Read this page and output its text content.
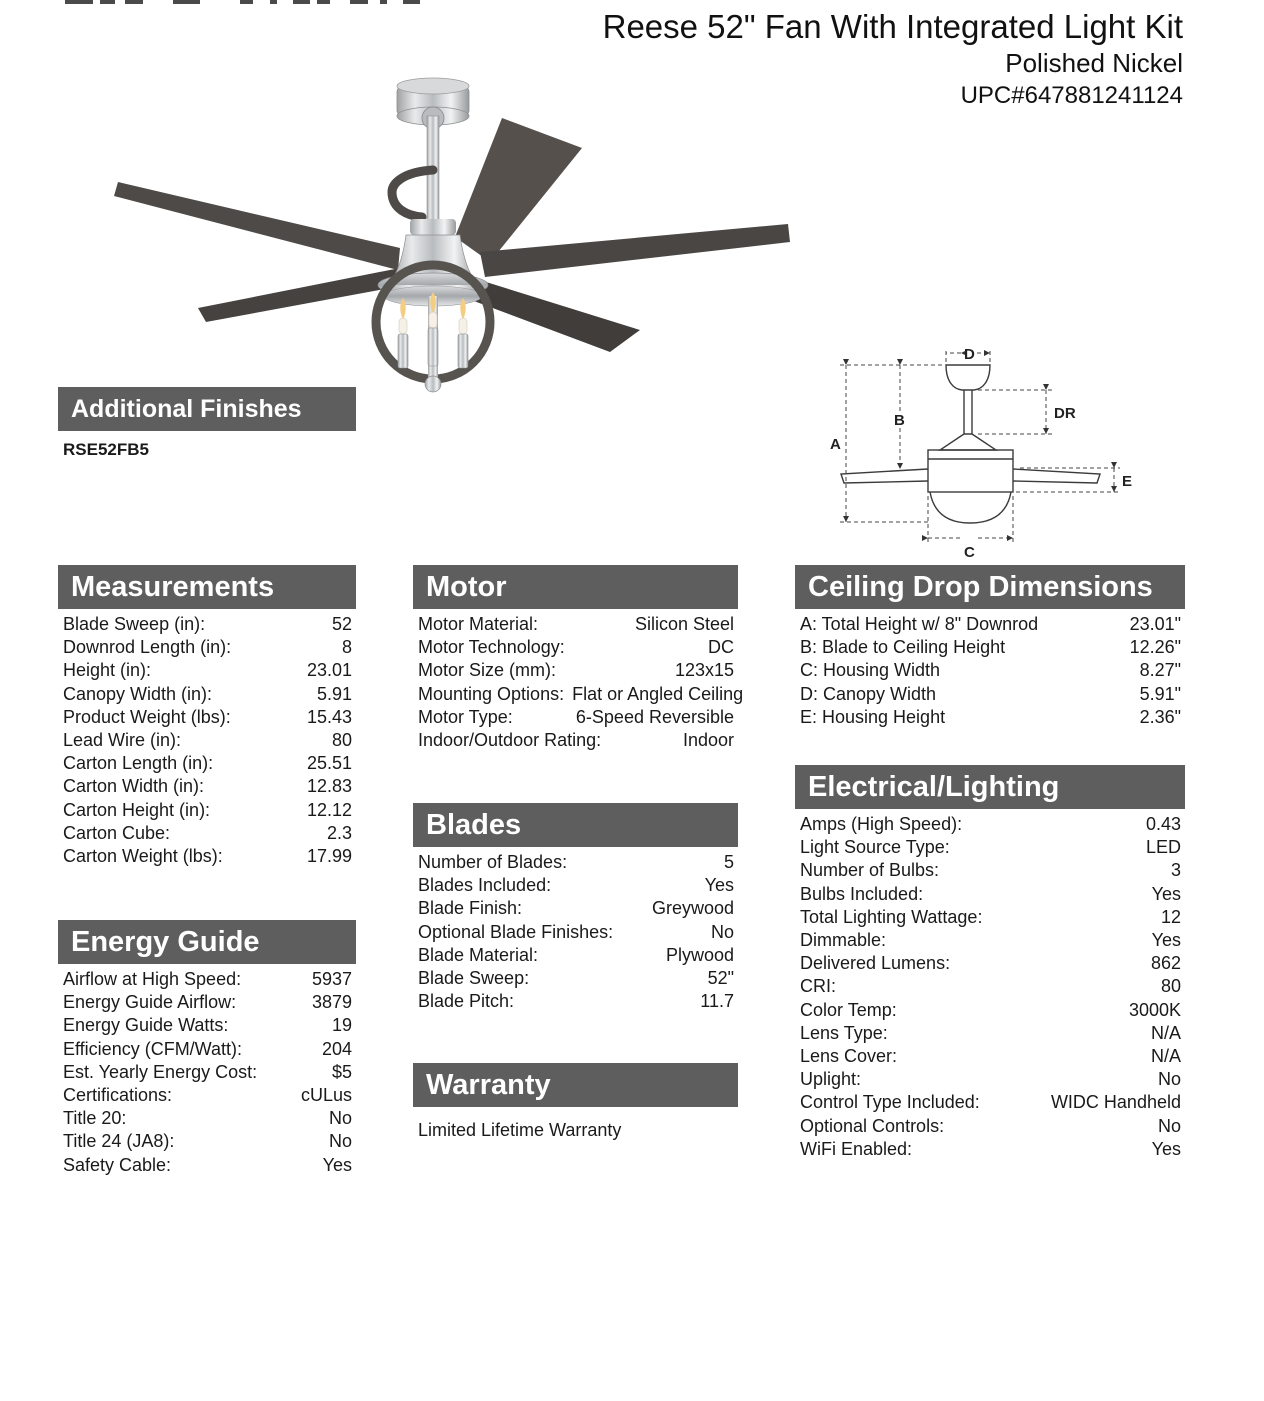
Reese 52" Fan With Integrated Light Kit
Polished Nickel
UPC#647881241124
Additional Finishes
RSE52FB5
D
A
B	DR
E
C
Measurements
Blade Sweep (in):	52
Downrod Length (in):	8
Height (in):	23.01
Canopy Width (in):	5.91
Product Weight (lbs):	15.43
Lead Wire (in):	80
Carton Length (in):	25.51
Carton Width (in):	12.83
Carton Height (in):	12.12
Carton Cube:	2.3
Carton Weight (lbs):	17.99
Energy Guide
Airflow at High Speed:	5937
Energy Guide Airflow:	3879
Energy Guide Watts:	19
Efficiency (CFM/Watt):	204
Est. Yearly Energy Cost:	$5
Certifications:	cULus
Title 20:	No
Title 24 (JA8):	No
Safety Cable:	Yes
Motor
Motor Material:	Silicon Steel
Motor Technology:	DC
Motor Size (mm):	123x15
Mounting Options: Flat or Angled Ceiling
Motor Type:	6-Speed Reversible
Indoor/Outdoor Rating:	Indoor
Blades
Number of Blades:	5
Blades Included:	Yes
Blade Finish:	Greywood
Optional Blade Finishes:	No
Blade Material:	Plywood
Blade Sweep:	52"
Blade Pitch:	11.7
Warranty
Limited Lifetime Warranty
Ceiling Drop Dimensions
A: Total Height w/ 8" Downrod	23.01"
B: Blade to Ceiling Height	12.26"
C: Housing Width	8.27"
D: Canopy Width	5.91"
E: Housing Height	2.36"
Electrical/Lighting
Amps (High Speed):	0.43
Light Source Type:	LED
Number of Bulbs:	3
Bulbs Included:	Yes
Total Lighting Wattage:	12
Dimmable:	Yes
Delivered Lumens:	862
CRI:	80
Color Temp:	3000K
Lens Type:	N/A
Lens Cover:	N/A
Uplight:	No
Control Type Included:	WIDC Handheld
Optional Controls:	No
WiFi Enabled:	Yes
